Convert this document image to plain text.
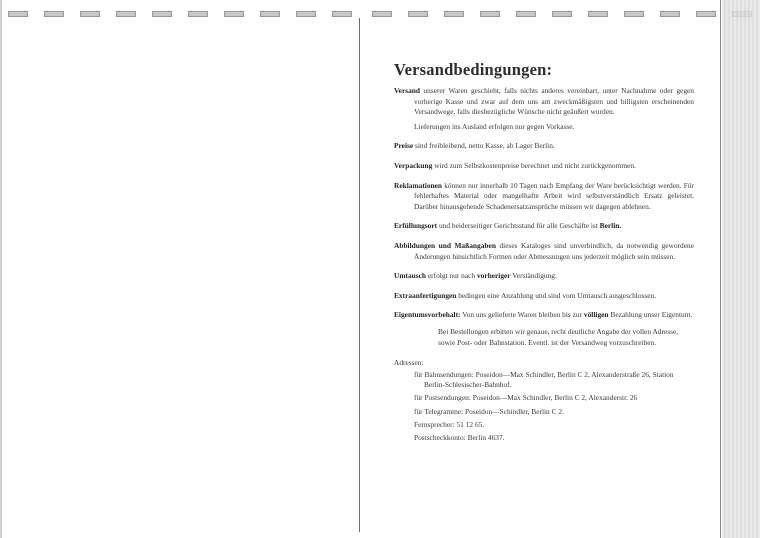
Versandbedingungen:

Versand unserer Waren geschieht, falls nichts anderes vereinbart, unter Nachnahme oder gegen vorherige Kasse und zwar auf dem uns am zweckmäßigsten und billigsten erscheinenden Versandwege, falls diesbezügliche Wünsche nicht geäußert wurden.

Lieferungen ins Ausland erfolgen nur gegen Vorkasse.

Preise sind freibleibend, netto Kasse, ab Lager Berlin.

Verpackung wird zum Selbstkostenpreise berechnet und nicht zurückgenommen.

Reklamationen können nur innerhalb 10 Tagen nach Empfang der Ware berücksichtigt werden. Für fehlerhaftes Material oder mangelhafte Arbeit wird selbstverständlich Ersatz geleistet. Darüber hinausgehende Schadenersatzansprüche müssen wir dagegen ablehnen.

Erfüllungsort und beiderseitiger Gerichtsstand für alle Geschäfte ist Berlin.

Abbildungen und Maßangaben dieses Kataloges sind unverbindlich, da notwendig gewordene Änderungen hinsichtlich Formen oder Abmessungen uns jederzeit möglich sein müssen.

Umtausch erfolgt nur nach vorheriger Verständigung.

Extraanfertigungen bedingen eine Anzahlung und sind vom Umtausch ausgeschlossen.

Eigentumsvorbehalt: Von uns gelieferte Waren bleiben bis zur völligen Bezahlung unser Eigentum.

Bei Bestellungen erbitten wir genaue, recht deutliche Angabe der vollen Adresse, sowie Post- oder Bahnstation. Eventl. ist der Versandweg vorzuschreiben.

Adressen:
für Bahnsendungen: Poseidon—Max Schindler, Berlin C 2, Alexanderstraße 26, Station Berlin-Schlesischer-Bahnhof.
für Postsendungen: Poseidon—Max Schindler, Berlin C 2, Alexanderstr. 26
für Telegramme: Poseidon—Schindler, Berlin C 2.
Fernsprecher: 51 12 65.
Postscheckkonto: Berlin 4637.
